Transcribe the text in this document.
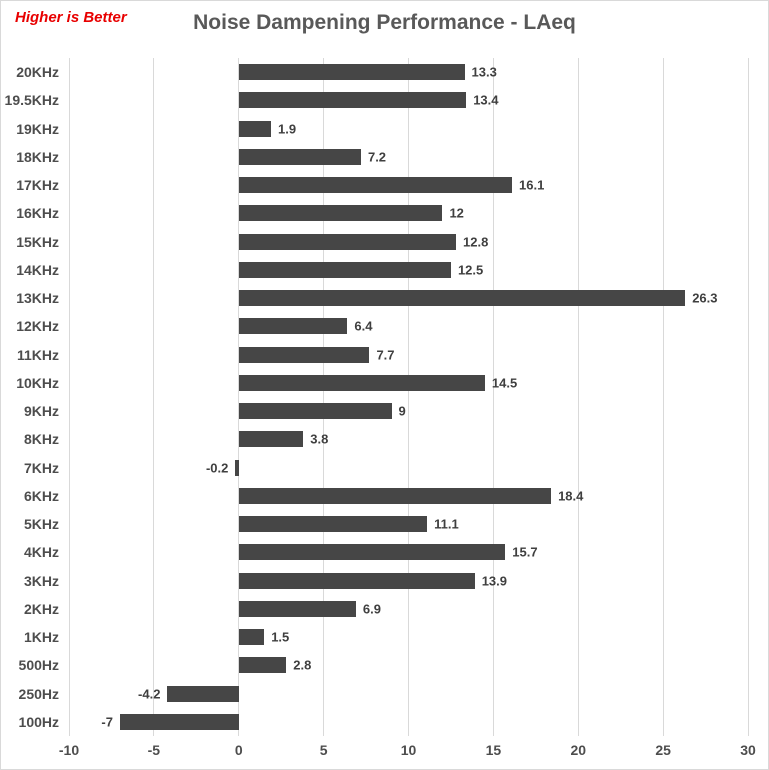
Higher is Better	Noise Dampening Performance - LAeq
20KHz
19.5KHz
19KHz
18KHz
17KHz
16KHz
15KHz
14KHz
13KHz
12KHz
11KHz
10KHz
9KHz
8KHz
7KHz
6KHz
5KHz
4KHz
3KHz
2KHz
1KHz
500Hz
250Hz
100Hz
13.3
13.4
1.9
7.2
16.1
12
12.8
12.5
26.3
6.4
7.7
14.5
9
3.8
-0.2
18.4
11.1
15.7
13.9
6.9
1.5
2.8
-4.2
-7
-10	-5	0	5	10	15	20	25	30
